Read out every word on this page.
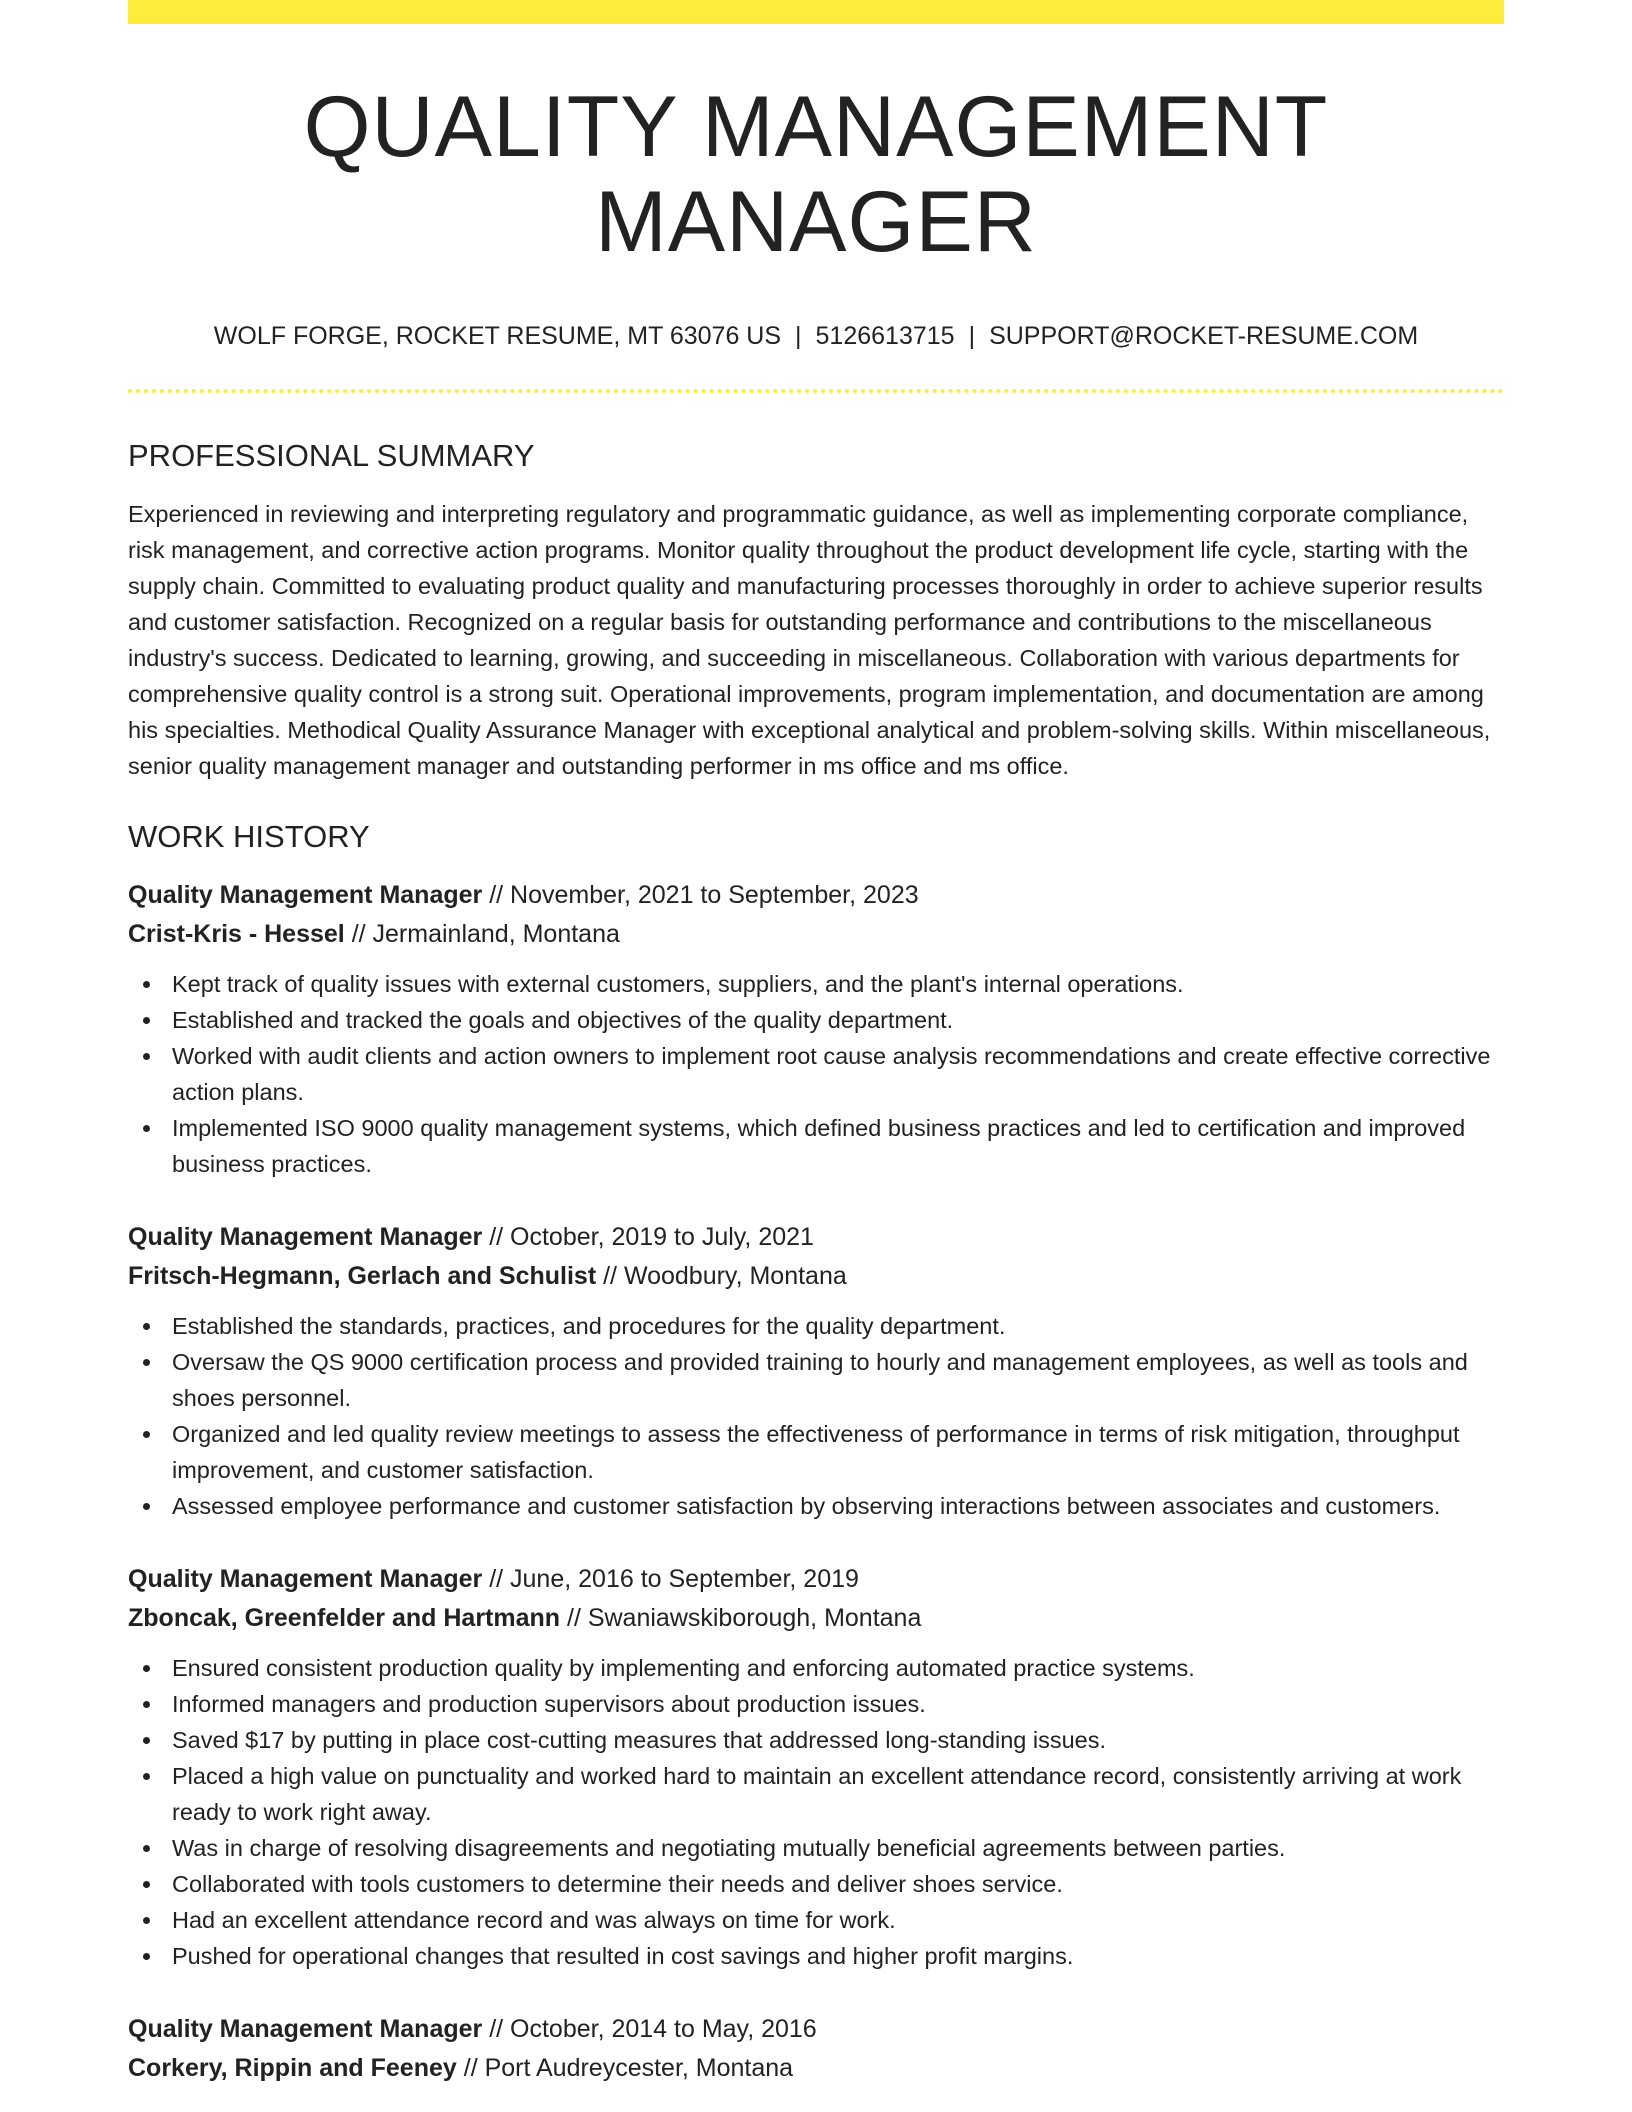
QUALITY MANAGEMENT MANAGER
WOLF FORGE, ROCKET RESUME, MT 63076 US | 5126613715 | SUPPORT@ROCKET-RESUME.COM
PROFESSIONAL SUMMARY

Experienced in reviewing and interpreting regulatory and programmatic guidance, as well as implementing corporate compliance, risk management, and corrective action programs. Monitor quality throughout the product development life cycle, starting with the supply chain. Committed to evaluating product quality and manufacturing processes thoroughly in order to achieve superior results and customer satisfaction. Recognized on a regular basis for outstanding performance and contributions to the miscellaneous industry's success. Dedicated to learning, growing, and succeeding in miscellaneous. Collaboration with various departments for comprehensive quality control is a strong suit. Operational improvements, program implementation, and documentation are among his specialties. Methodical Quality Assurance Manager with exceptional analytical and problem-solving skills. Within miscellaneous, senior quality management manager and outstanding performer in ms office and ms office.

WORK HISTORY
Quality Management Manager // November, 2021 to September, 2023
Crist-Kris - Hessel // Jermainland, Montana
Kept track of quality issues with external customers, suppliers, and the plant's internal operations.
Established and tracked the goals and objectives of the quality department.
Worked with audit clients and action owners to implement root cause analysis recommendations and create effective corrective action plans.
Implemented ISO 9000 quality management systems, which defined business practices and led to certification and improved business practices.
Quality Management Manager // October, 2019 to July, 2021
Fritsch-Hegmann, Gerlach and Schulist // Woodbury, Montana
Established the standards, practices, and procedures for the quality department.
Oversaw the QS 9000 certification process and provided training to hourly and management employees, as well as tools and shoes personnel.
Organized and led quality review meetings to assess the effectiveness of performance in terms of risk mitigation, throughput improvement, and customer satisfaction.
Assessed employee performance and customer satisfaction by observing interactions between associates and customers.
Quality Management Manager // June, 2016 to September, 2019
Zboncak, Greenfelder and Hartmann // Swaniawskiborough, Montana
Ensured consistent production quality by implementing and enforcing automated practice systems.
Informed managers and production supervisors about production issues.
Saved $17 by putting in place cost-cutting measures that addressed long-standing issues.
Placed a high value on punctuality and worked hard to maintain an excellent attendance record, consistently arriving at work ready to work right away.
Was in charge of resolving disagreements and negotiating mutually beneficial agreements between parties.
Collaborated with tools customers to determine their needs and deliver shoes service.
Had an excellent attendance record and was always on time for work.
Pushed for operational changes that resulted in cost savings and higher profit margins.
Quality Management Manager // October, 2014 to May, 2016
Corkery, Rippin and Feeney // Port Audreycester, Montana
